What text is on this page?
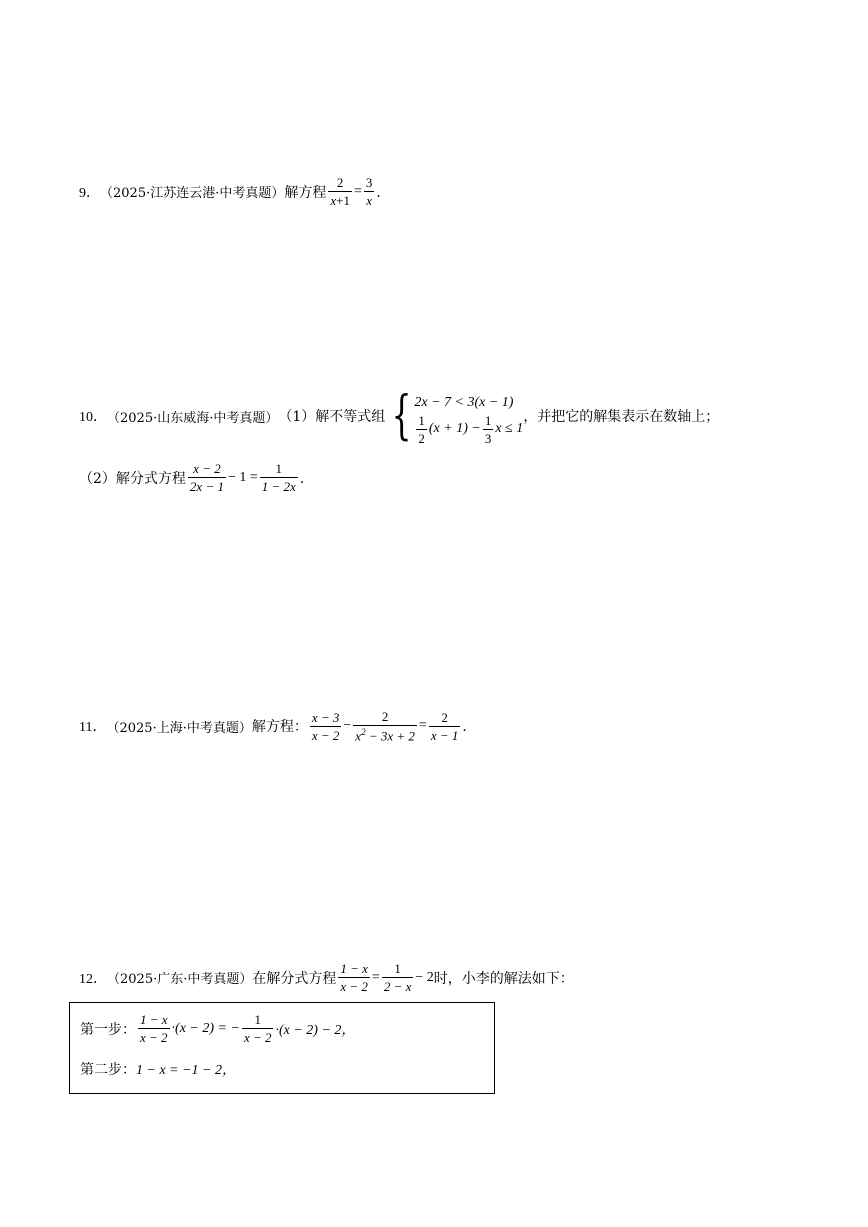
9． （2025·江苏连云港·中考真题） 解方程 $\frac{2}{x+1} = \frac{3}{x}$ ．
10． （2025·山东威海·中考真题） （1）解不等式组 { 2x − 7 < 3(x − 1)
$\frac{1}{2} (x + 1) - \frac{1}{3}$ x ≤ 1
，并把它的解集表示在数轴上；
（2）解分式方程 $\frac{x - 2}{2x - 1} - 1 = \frac{1}{1 - 2x}$ ．
11． （2025·上海·中考真题） 解方程： $\frac{x - 3}{x - 2} - \frac{2}{x^2 - 3x + 2} = \frac{2}{x - 1}$ ．
12． （2025·广东·中考真题） 在解分式方程 $\frac{1 - x}{x - 2} = \frac{1}{2 - x} - 2$ 时，小李的解法如下：
第一步： $\frac{1 - x}{x - 2} \cdot(x - 2)$ = − $\frac{1}{x - 2} \cdot(x - 2) - 2$，
第二步： 1 − x = −1 − 2，
